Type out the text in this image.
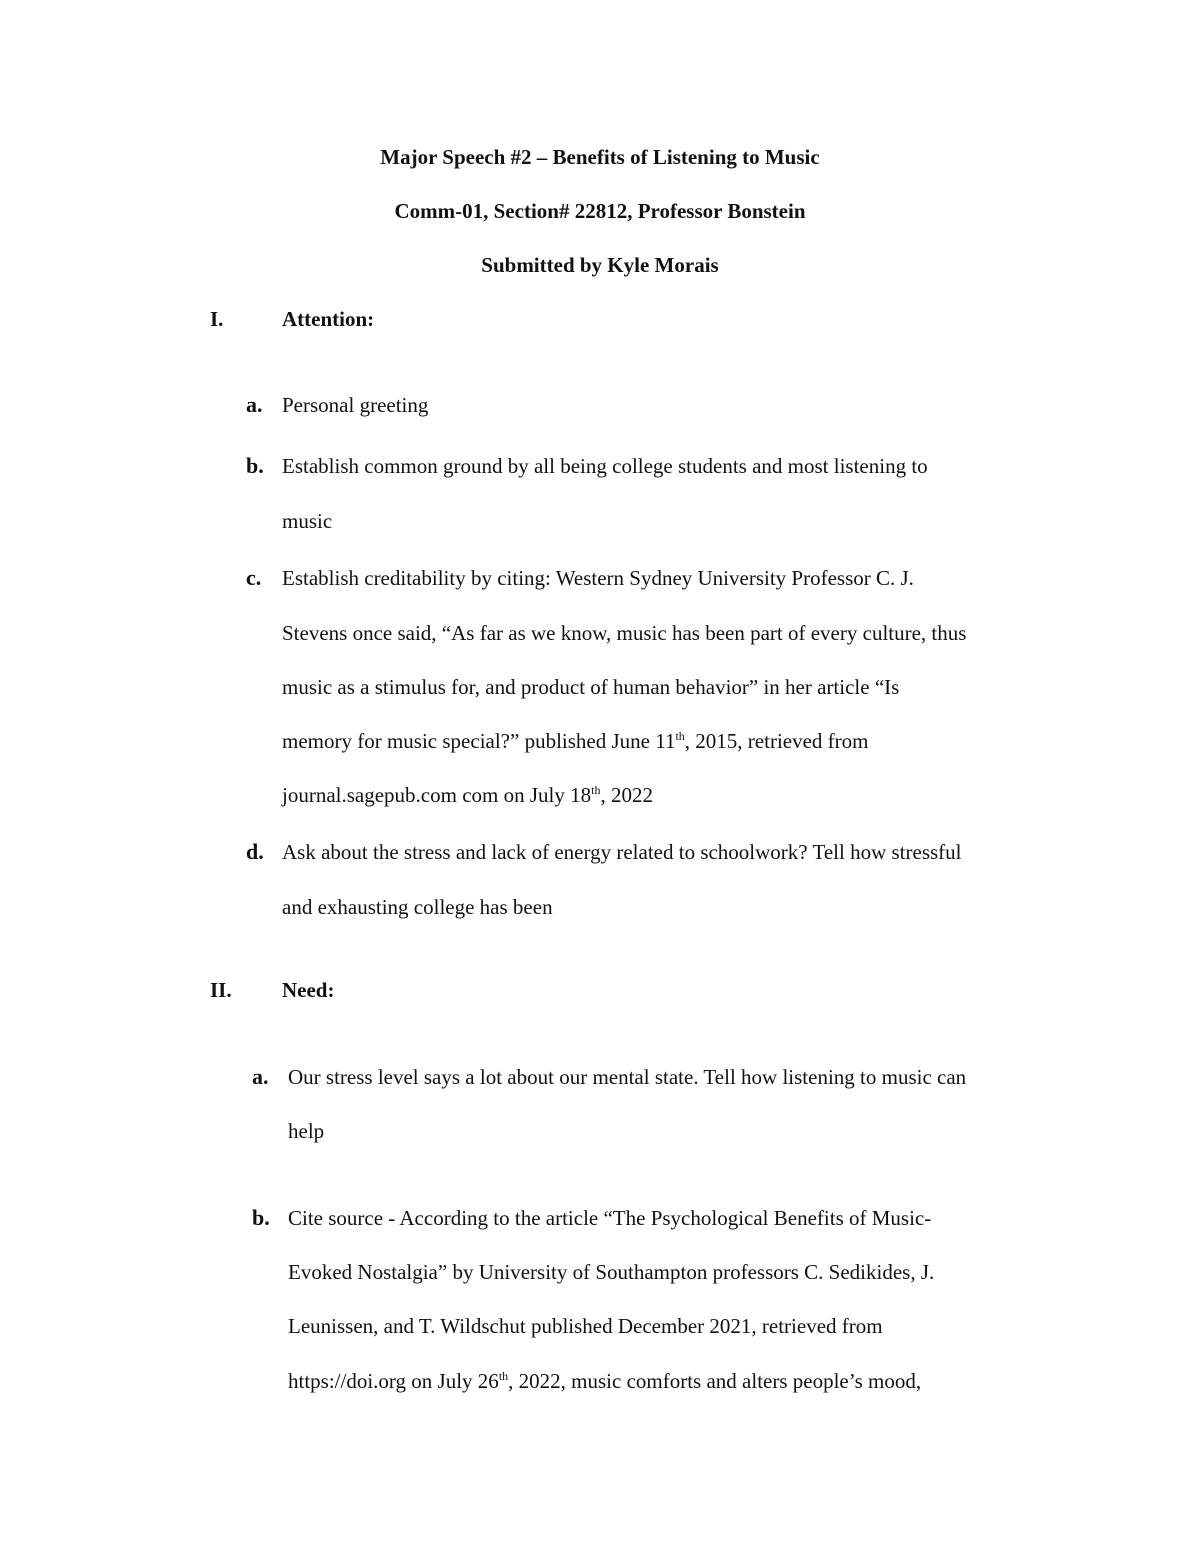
Major Speech #2 – Benefits of Listening to Music
Comm-01, Section# 22812, Professor Bonstein
Submitted by Kyle Morais
I.	Attention:
a. Personal greeting
b. Establish common ground by all being college students and most listening to
music
c. Establish creditability by citing: Western Sydney University Professor C. J.
Stevens once said, “As far as we know, music has been part of every culture, thus
music as a stimulus for, and product of human behavior” in her article “Is
memory for music special?” published June 11th, 2015, retrieved from
journal.sagepub.com com on July 18th, 2022
d. Ask about the stress and lack of energy related to schoolwork? Tell how stressful
and exhausting college has been
II. Need:
a. Our stress level says a lot about our mental state. Tell how listening to music can
help
b. Cite source - According to the article “The Psychological Benefits of Music-
Evoked Nostalgia” by University of Southampton professors C. Sedikides, J.
Leunissen, and T. Wildschut published December 2021, retrieved from
https://doi.org on July 26th, 2022, music comforts and alters people’s mood,
